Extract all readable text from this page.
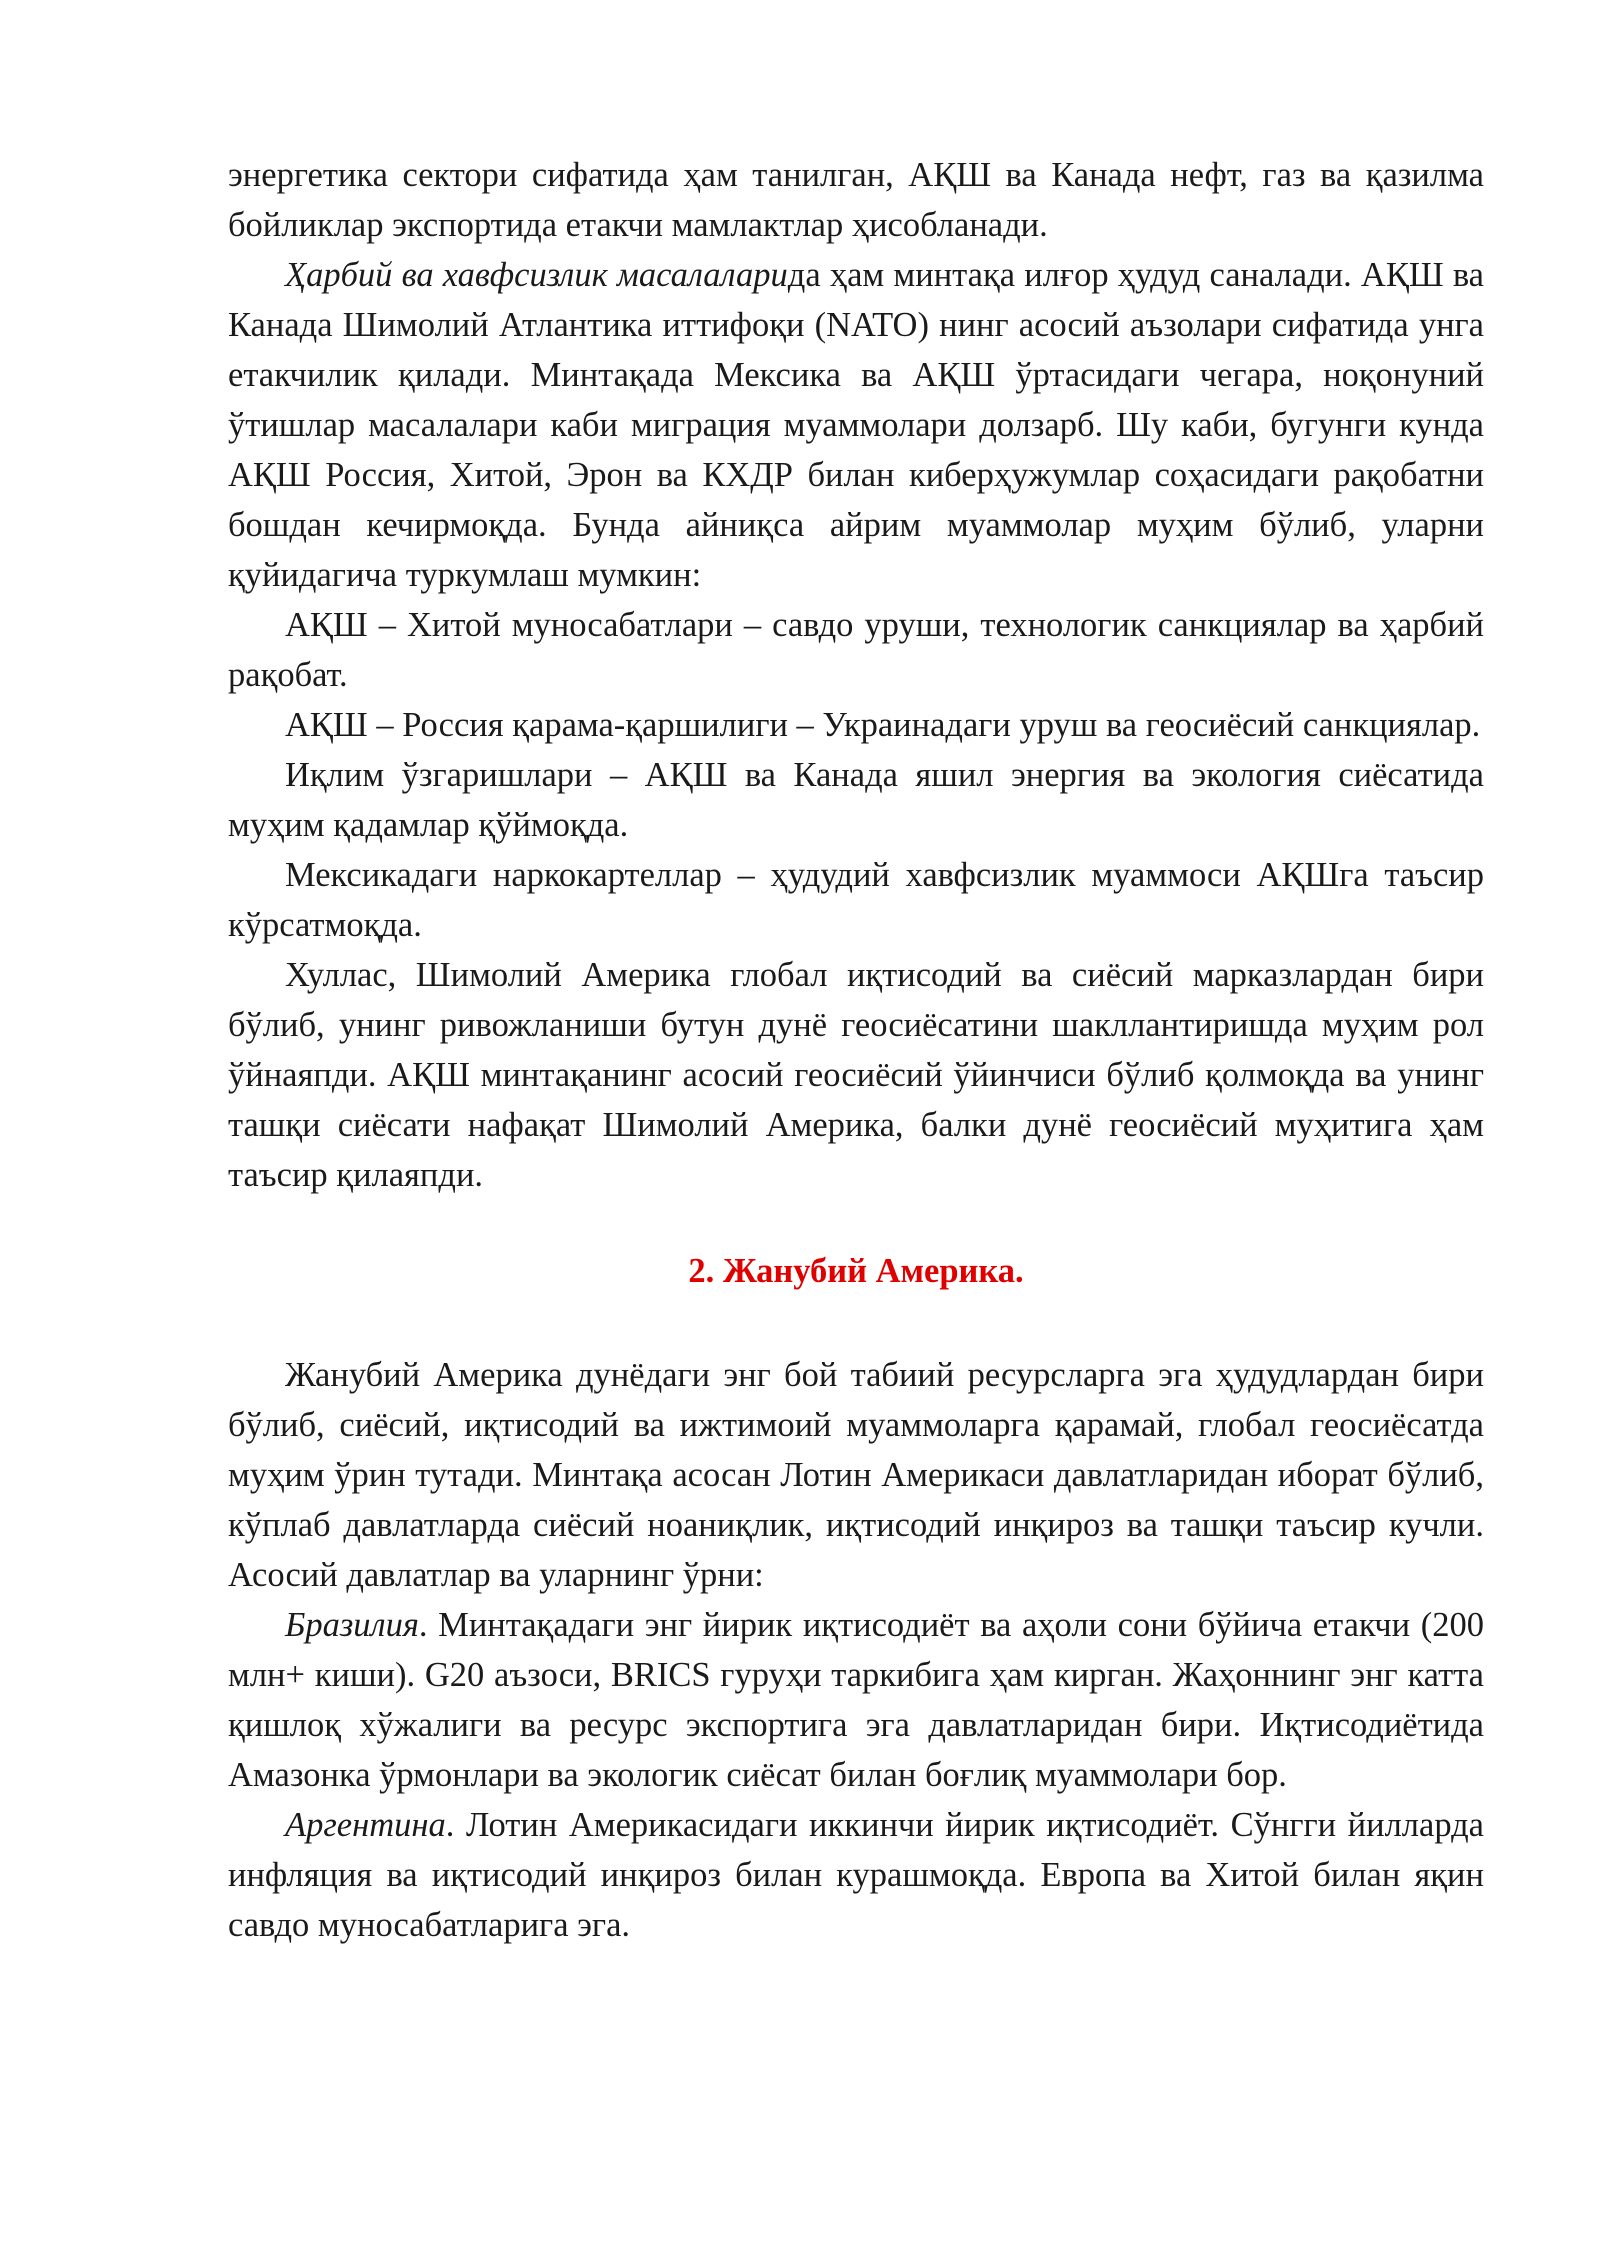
энергетика сектори сифатида ҳам танилган, АҚШ ва Канада нефт, газ ва қазилма бойликлар экспортида етакчи мамлактлар ҳисобланади.

Ҳарбий ва хавфсизлик масалаларида ҳам минтақа илғор ҳудуд саналади. АҚШ ва Канада Шимолий Атлантика иттифоқи (NATO) нинг асосий аъзолари сифатида унга етакчилик қилади. Минтақада Мексика ва АҚШ ўртасидаги чегара, ноқонуний ўтишлар масалалари каби миграция муаммолари долзарб. Шу каби, бугунги кунда АҚШ Россия, Хитой, Эрон ва КХДР билан киберҳужумлар соҳасидаги рақобатни бошдан кечирмоқда. Бунда айниқса айрим муаммолар муҳим бўлиб, уларни қуйидагича туркумлаш мумкин:

АҚШ – Хитой муносабатлари – савдо уруши, технологик санкциялар ва ҳарбий рақобат.

АҚШ – Россия қарама-қаршилиги – Украинадаги уруш ва геосиёсий санкциялар.

Иқлим ўзгаришлари – АҚШ ва Канада яшил энергия ва экология сиёсатида муҳим қадамлар қўймоқда.

Мексикадаги наркокартеллар – ҳудудий хавфсизлик муаммоси АҚШга таъсир кўрсатмоқда.

Хуллас, Шимолий Америка глобал иқтисодий ва сиёсий марказлардан бири бўлиб, унинг ривожланиши бутун дунё геосиёсатини шакллантиришда муҳим рол ўйнаяпди. АҚШ минтақанинг асосий геосиёсий ўйинчиси бўлиб қолмоқда ва унинг ташқи сиёсати нафақат Шимолий Америка, балки дунё геосиёсий муҳитига ҳам таъсир қилаяпди.

2. Жанубий Америка.

Жанубий Америка дунёдаги энг бой табиий ресурсларга эга ҳудудлардан бири бўлиб, сиёсий, иқтисодий ва ижтимоий муаммоларга қарамай, глобал геосиёсатда муҳим ўрин тутади. Минтақа асосан Лотин Америкаси давлатларидан иборат бўлиб, кўплаб давлатларда сиёсий ноаниқлик, иқтисодий инқироз ва ташқи таъсир кучли. Асосий давлатлар ва уларнинг ўрни:

Бразилия. Минтақадаги энг йирик иқтисодиёт ва аҳоли сони бўйича етакчи (200 млн+ киши). G20 аъзоси, BRICS гуруҳи таркибига ҳам кирган. Жаҳоннинг энг катта қишлоқ хўжалиги ва ресурс экспортига эга давлатларидан бири. Иқтисодиётида Амазонка ўрмонлари ва экологик сиёсат билан боғлиқ муаммолари бор.

Аргентина. Лотин Америкасидаги иккинчи йирик иқтисодиёт. Сўнгги йилларда инфляция ва иқтисодий инқироз билан курашмоқда. Европа ва Хитой билан яқин савдо муносабатларига эга.
